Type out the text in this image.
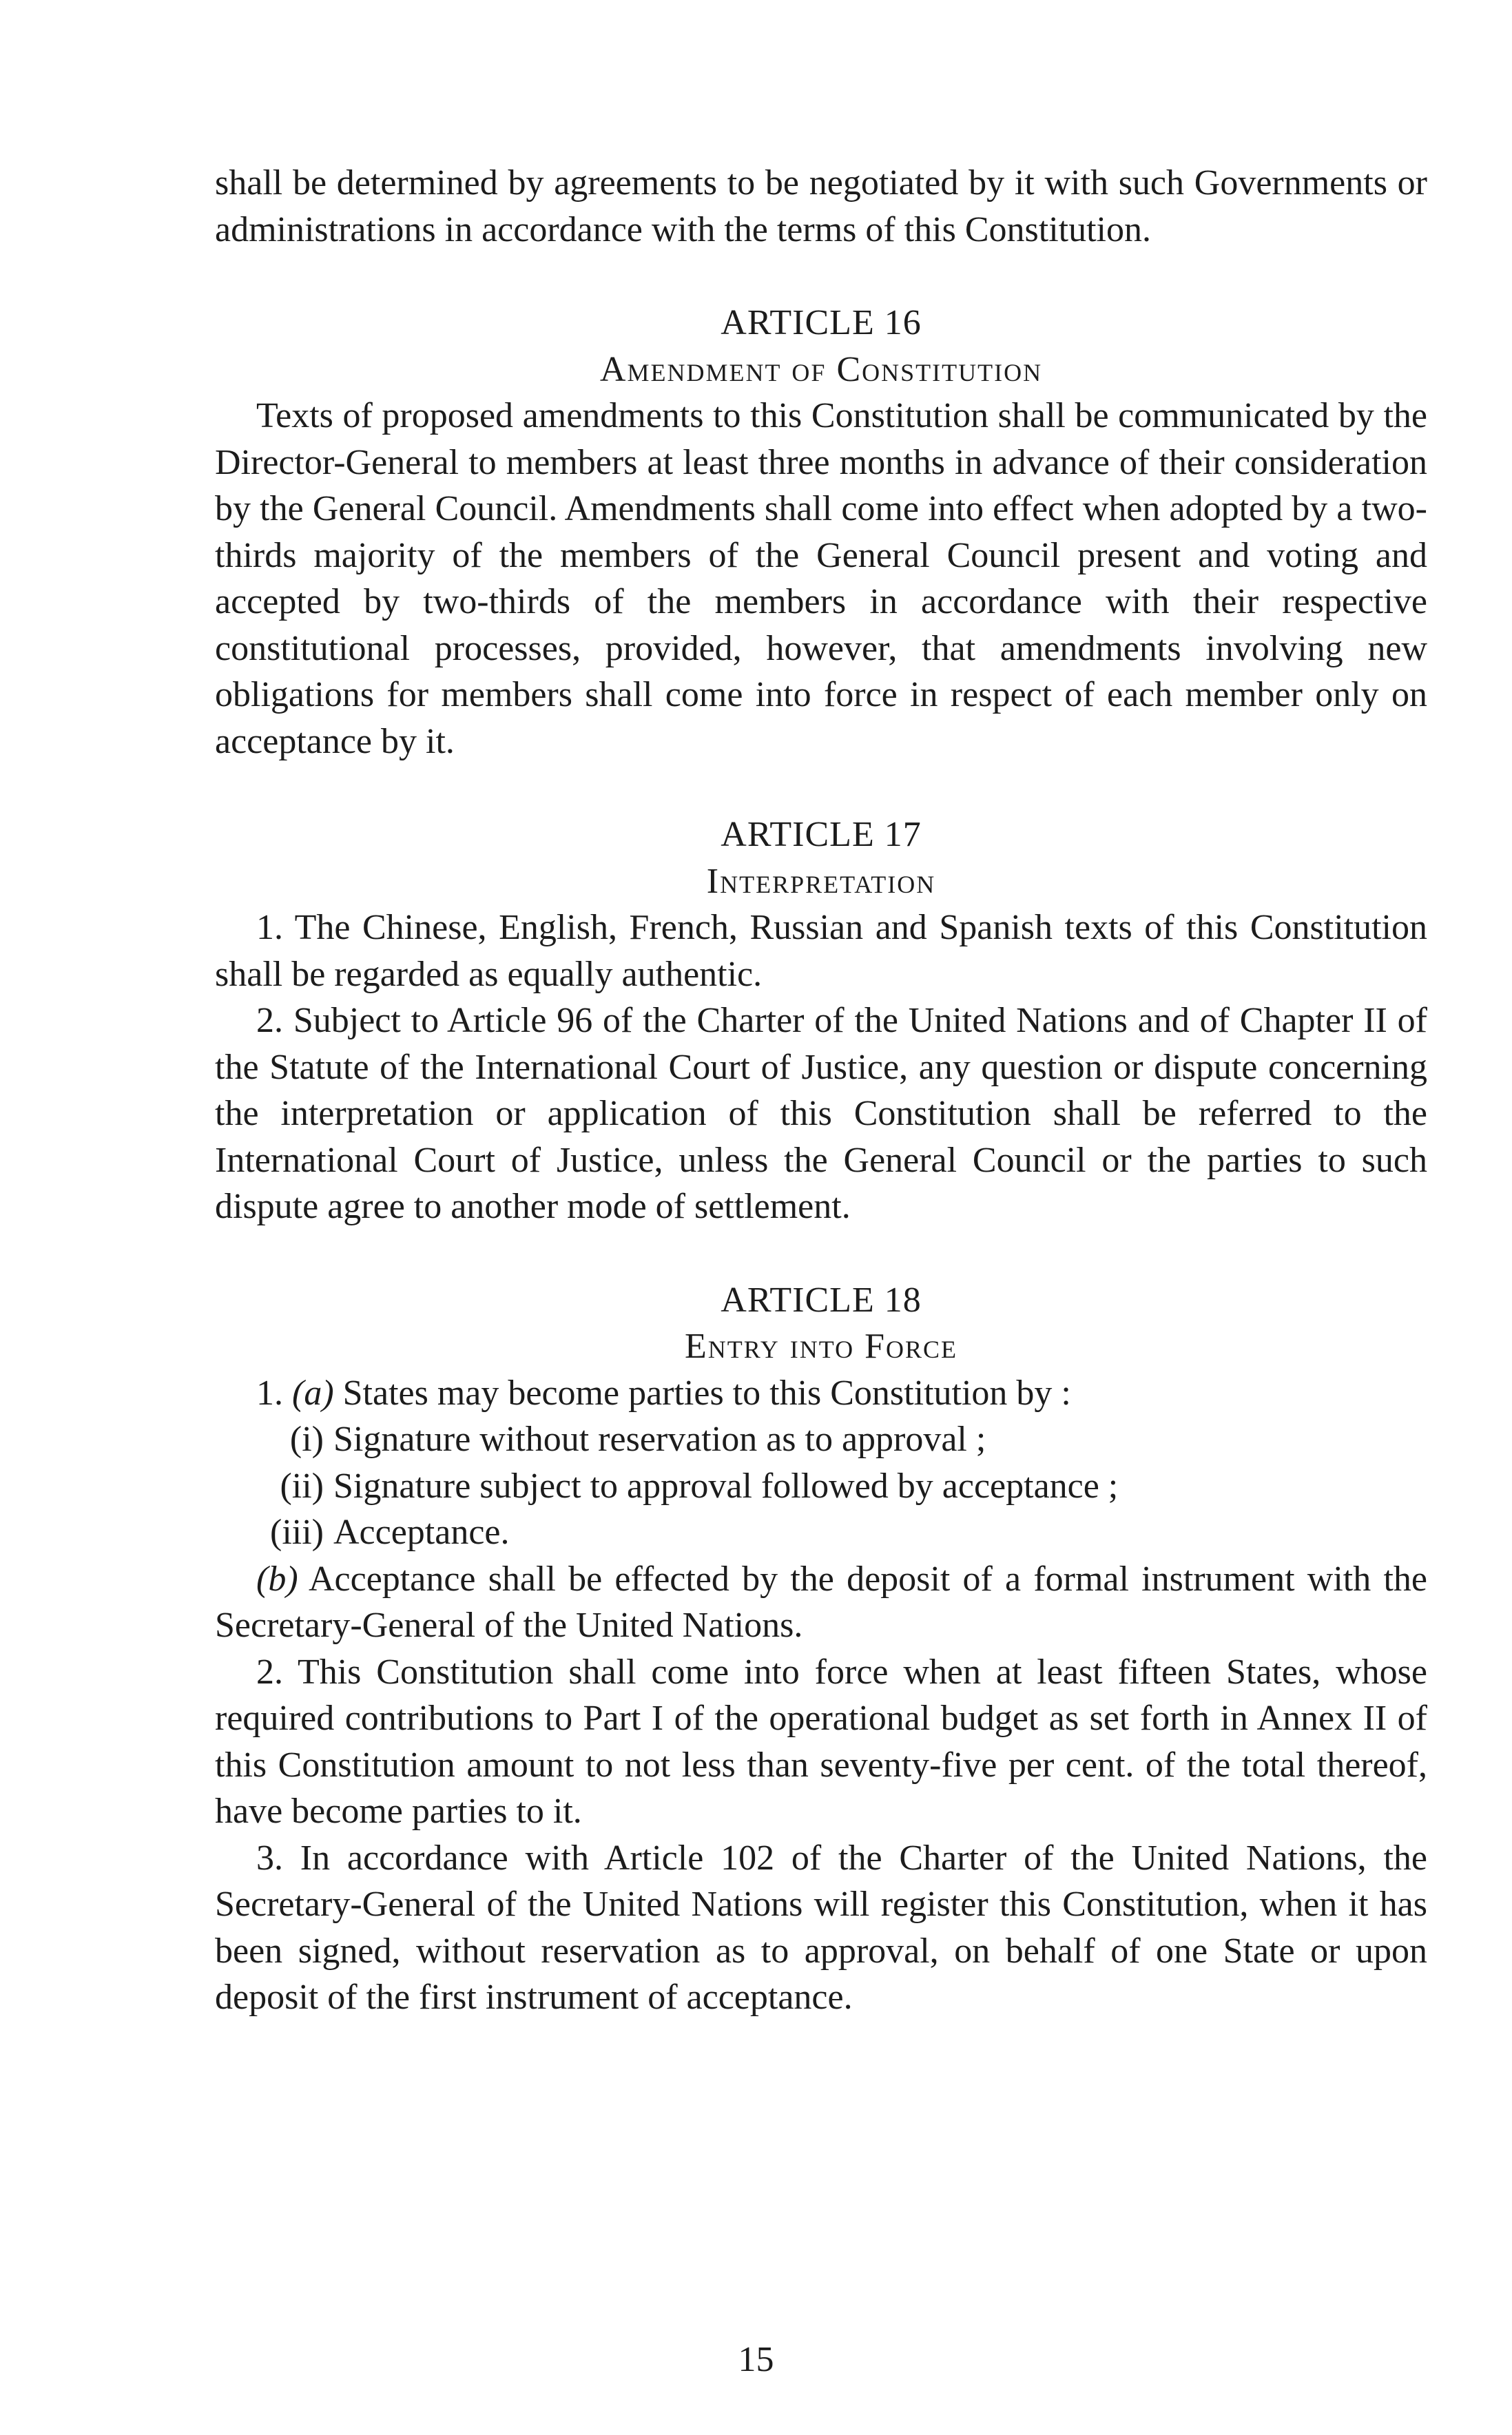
shall be determined by agreements to be negotiated by it with such Governments or administrations in accordance with the terms of this Constitution.

ARTICLE 16
Amendment of Constitution

Texts of proposed amendments to this Constitution shall be communicated by the Director-General to members at least three months in advance of their consideration by the General Council. Amendments shall come into effect when adopted by a two-thirds majority of the members of the General Council present and voting and accepted by two-thirds of the members in accordance with their respective constitutional processes, provided, however, that amendments involving new obligations for members shall come into force in respect of each member only on acceptance by it.

ARTICLE 17
Interpretation

1. The Chinese, English, French, Russian and Spanish texts of this Constitution shall be regarded as equally authentic.

2. Subject to Article 96 of the Charter of the United Nations and of Chapter II of the Statute of the International Court of Justice, any question or dispute concerning the interpretation or application of this Constitution shall be referred to the International Court of Justice, unless the General Council or the parties to such dispute agree to another mode of settlement.

ARTICLE 18
Entry into Force

1. (a) States may become parties to this Constitution by :

(i) Signature without reservation as to approval ;

(ii) Signature subject to approval followed by acceptance ;

(iii) Acceptance.

(b) Acceptance shall be effected by the deposit of a formal instrument with the Secretary-General of the United Nations.

2. This Constitution shall come into force when at least fifteen States, whose required contributions to Part I of the operational budget as set forth in Annex II of this Constitution amount to not less than seventy-five per cent. of the total thereof, have become parties to it.

3. In accordance with Article 102 of the Charter of the United Nations, the Secretary-General of the United Nations will register this Constitution, when it has been signed, without reservation as to approval, on behalf of one State or upon deposit of the first instrument of acceptance.

15
